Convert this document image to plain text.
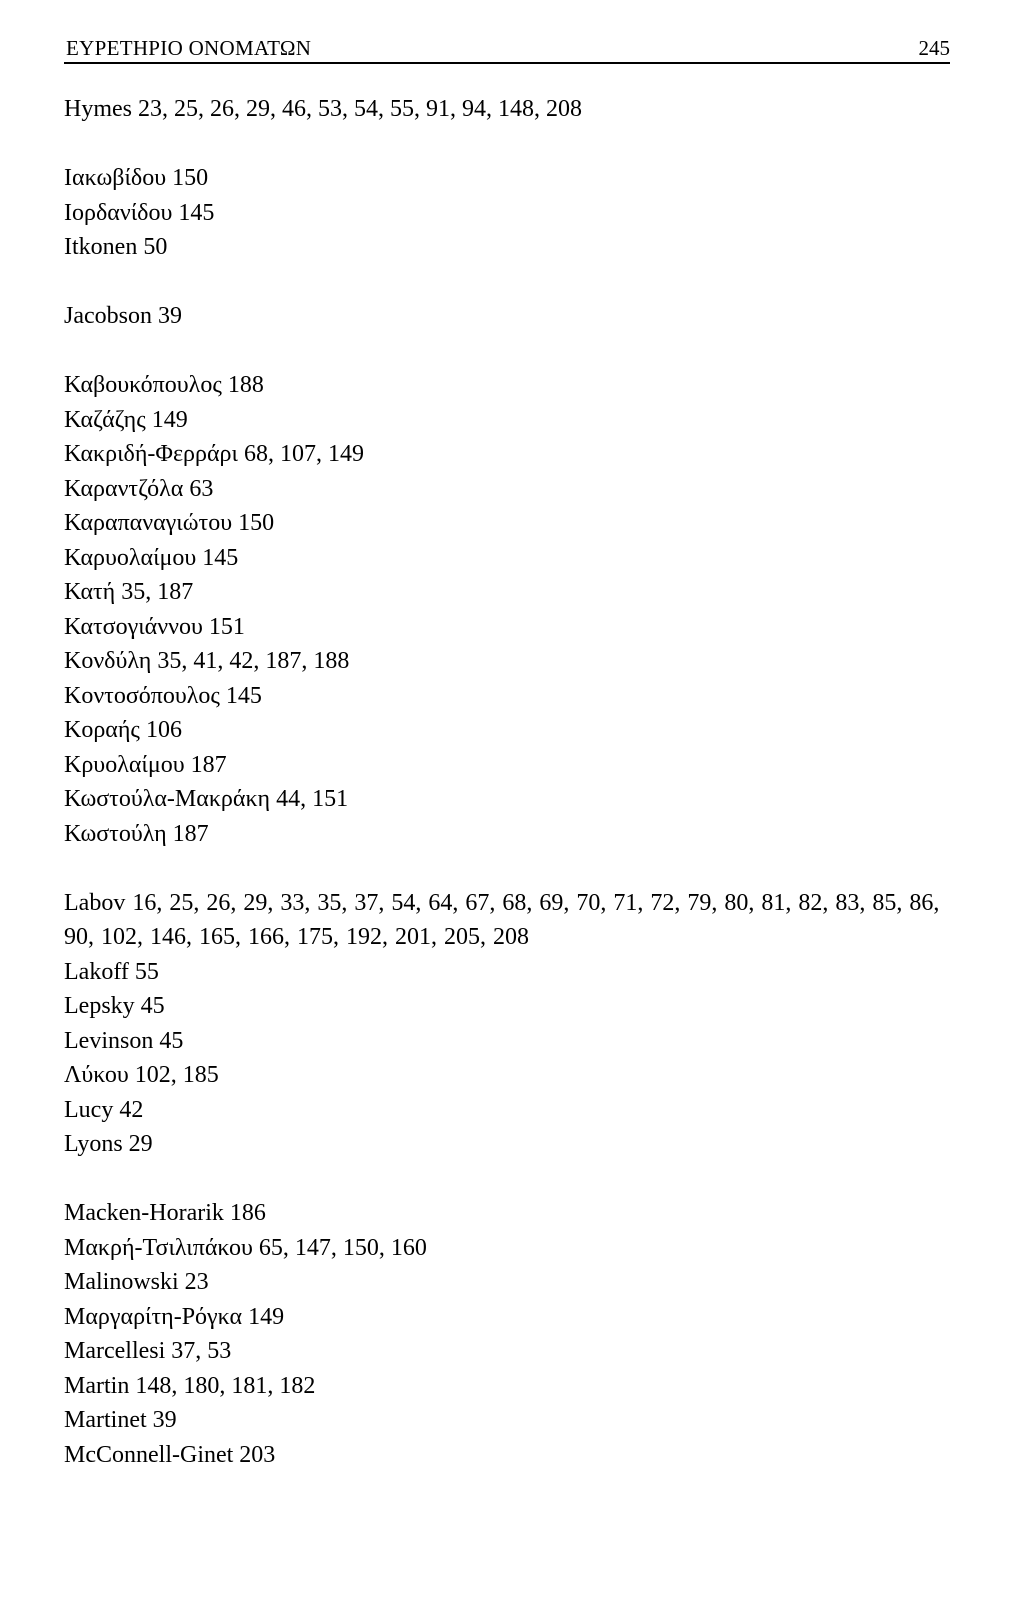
ΕΥΡΕΤΗΡΙΟ ΟΝΟΜΑΤΩΝ	245
Hymes 23, 25, 26, 29, 46, 53, 54, 55, 91, 94, 148, 208
Ιακωβίδου 150
Ιορδανίδου 145
Itkonen 50
Jacobson 39
Καβουκόπουλος 188
Καζάζης 149
Κακριδή-Φερράρι 68, 107, 149
Καραντζόλα 63
Καραπαναγιώτου 150
Καρυολαίμου 145
Κατή 35, 187
Κατσογιάννου 151
Κονδύλη 35, 41, 42, 187, 188
Κοντοσόπουλος 145
Κοραής 106
Κρυολαίμου 187
Κωστούλα-Μακράκη 44, 151
Κωστούλη 187
Labov 16, 25, 26, 29, 33, 35, 37, 54, 64, 67, 68, 69, 70, 71, 72, 79, 80, 81, 82, 83, 85, 86, 90, 102, 146, 165, 166, 175, 192, 201, 205, 208
Lakoff 55
Lepsky 45
Levinson 45
Λύκου 102, 185
Lucy 42
Lyons 29
Macken-Horarik 186
Μακρή-Τσιλιπάκου 65, 147, 150, 160
Malinowski 23
Μαργαρίτη-Ρόγκα 149
Marcellesi 37, 53
Martin 148, 180, 181, 182
Martinet 39
McConnell-Ginet 203
